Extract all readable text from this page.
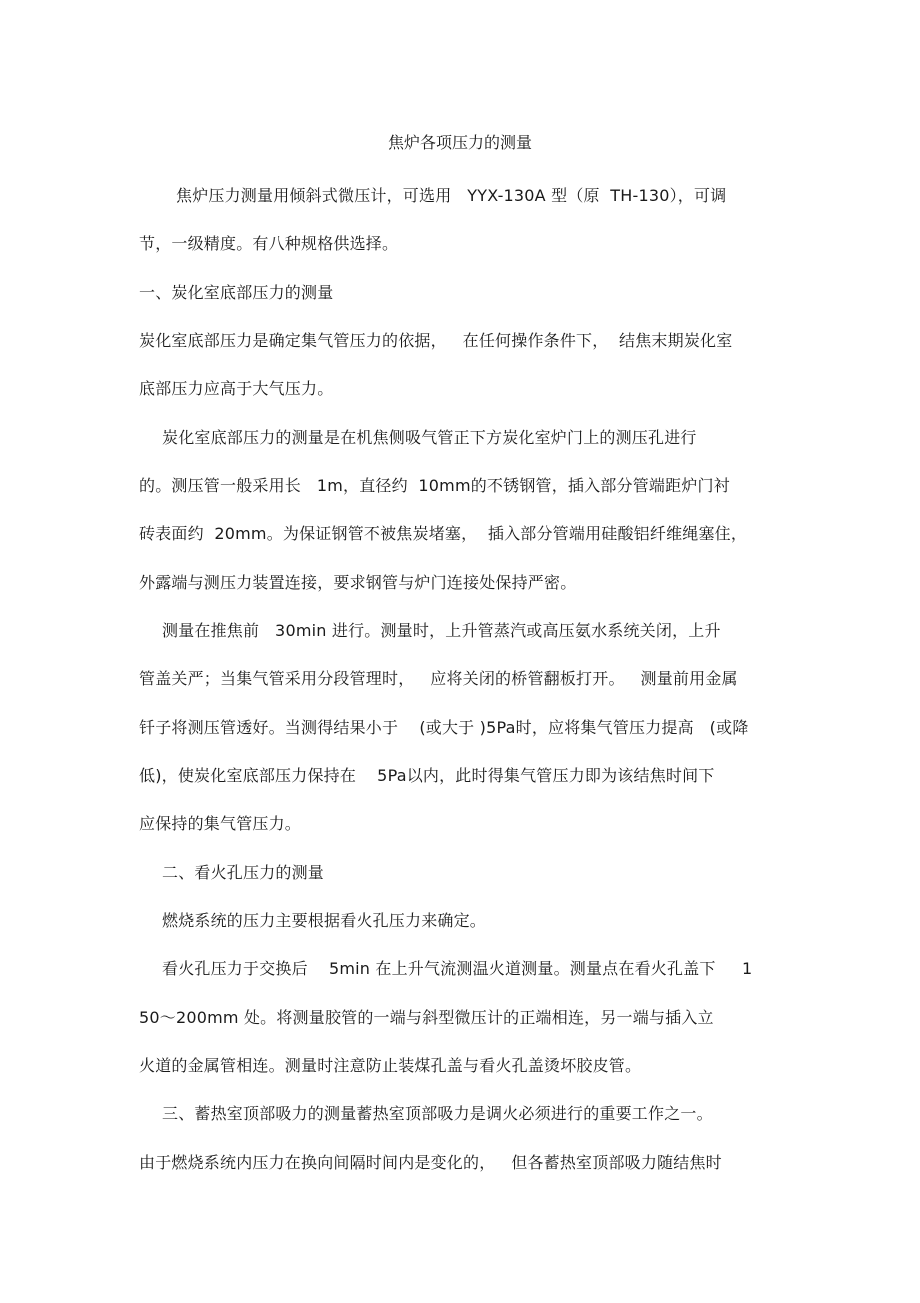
焦炉各项压力的测量
焦炉压力测量用倾斜式微压计，可选用   YYX-130A 型（原  TH-130），可调
节，一级精度。有八种规格供选择。
一、炭化室底部压力的测量
炭化室底部压力是确定集气管压力的依据，   在任何操作条件下，  结焦末期炭化室
底部压力应高于大气压力。
炭化室底部压力的测量是在机焦侧吸气管正下方炭化室炉门上的测压孔进行
的。测压管一般采用长   1m，直径约  10mm的不锈钢管，插入部分管端距炉门衬
砖表面约  20mm。为保证钢管不被焦炭堵塞，  插入部分管端用硅酸铝纤维绳塞住，
外露端与测压力装置连接，要求钢管与炉门连接处保持严密。
测量在推焦前   30min 进行。测量时，上升管蒸汽或高压氨水系统关闭，上升
管盖关严；当集气管采用分段管理时，   应将关闭的桥管翻板打开。   测量前用金属
钎子将测压管透好。当测得结果小于    (或大于 )5Pa时，应将集气管压力提高   (或降
低)，使炭化室底部压力保持在    5Pa以内，此时得集气管压力即为该结焦时间下
应保持的集气管压力。
二、看火孔压力的测量
燃烧系统的压力主要根据看火孔压力来确定。
看火孔压力于交换后    5min 在上升气流测温火道测量。测量点在看火孔盖下     1
50～200mm 处。将测量胶管的一端与斜型微压计的正端相连，另一端与插入立
火道的金属管相连。测量时注意防止装煤孔盖与看火孔盖烫坏胶皮管。
三、蓄热室顶部吸力的测量蓄热室顶部吸力是调火必须进行的重要工作之一。
由于燃烧系统内压力在换向间隔时间内是变化的，   但各蓄热室顶部吸力随结焦时
